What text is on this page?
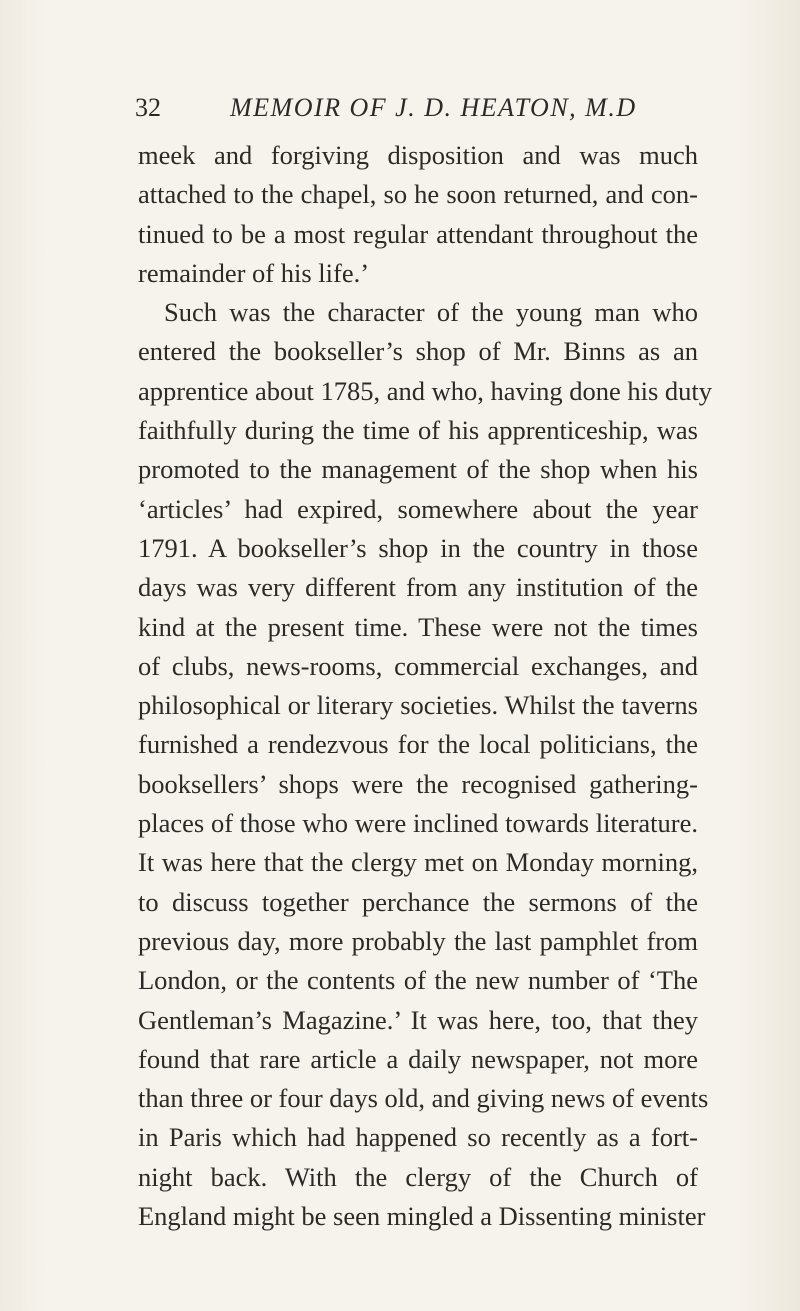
32	MEMOIR OF J. D. HEATON, M.D
meek and forgiving disposition and was much
attached to the chapel, so he soon returned, and con-
tinued to be a most regular attendant throughout the
remainder of his life.’
Such was the character of the young man who
entered the bookseller’s shop of Mr. Binns as an
apprentice about 1785, and who, having done his duty
faithfully during the time of his apprenticeship, was
promoted to the management of the shop when his
‘articles’ had expired, somewhere about the year
1791. A bookseller’s shop in the country in those
days was very different from any institution of the
kind at the present time. These were not the times
of clubs, news-rooms, commercial exchanges, and
philosophical or literary societies. Whilst the taverns
furnished a rendezvous for the local politicians, the
booksellers’ shops were the recognised gathering-
places of those who were inclined towards literature.
It was here that the clergy met on Monday morning,
to discuss together perchance the sermons of the
previous day, more probably the last pamphlet from
London, or the contents of the new number of ‘The
Gentleman’s Magazine.’ It was here, too, that they
found that rare article a daily newspaper, not more
than three or four days old, and giving news of events
in Paris which had happened so recently as a fort-
night back. With the clergy of the Church of
England might be seen mingled a Dissenting minister
